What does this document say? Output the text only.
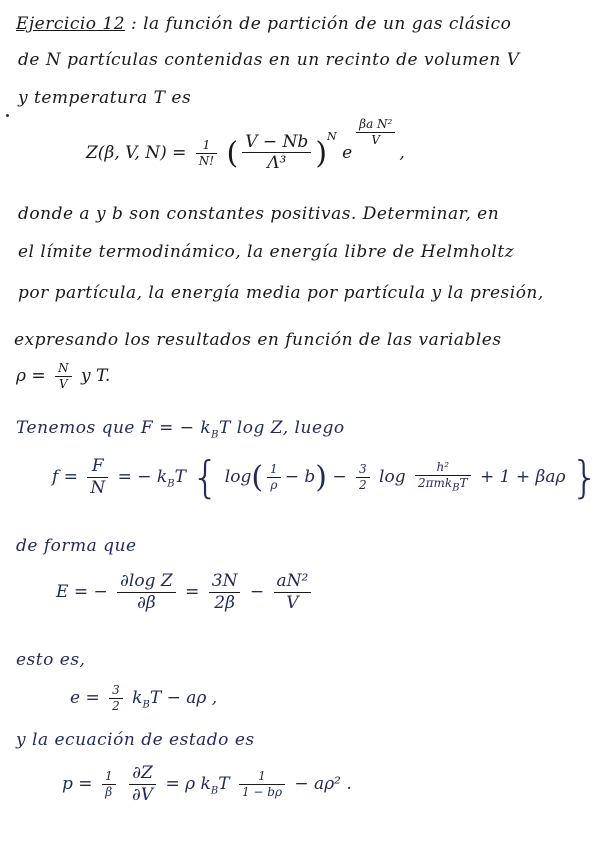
Ejercicio 12 : la función de partición de un gas clásico
de N partículas contenidas en un recinto de volumen V
y temperatura T es
Z(β, V, $N) = \frac{1}{N!}$ ( $\frac{V - Nb}{\text{Λ³}} )^N$ e
$\frac{\text{βa N²}}{V}$
,
donde a y b son constantes positivas. Determinar, en
el límite termodinámico, la energía libre de Helmholtz
por partícula, la energía media por partícula y la presión,
expresando los resultados en función de las variables
$\rho = \frac{N}{V}$ y T.
Tenemos que F = − $k_BT$ log Z, luego
$f = \frac{F}{N}$ = − $k_BT$ { $\log( \frac{1}{\rho} - b) - \frac{3}{2}$ $\log \frac{\text{h²}}{2\pi mk_BT} + 1 + \beta a\rho$ }
de forma que
E = − $\frac{\text{∂log Z}}{\partial\beta} = \frac{3N}{2\beta} - \frac{\text{aN²}}{V}$
esto es,
$e = \frac{3}{2} k_BT - a\rho$ ,
y la ecuación de estado es
$p = \frac{1}{\beta}$
$\frac{\partial Z}{\partial V} = \rho$ $k_BT \frac{1}{1 - b\rho} - a\rho^2$ .
